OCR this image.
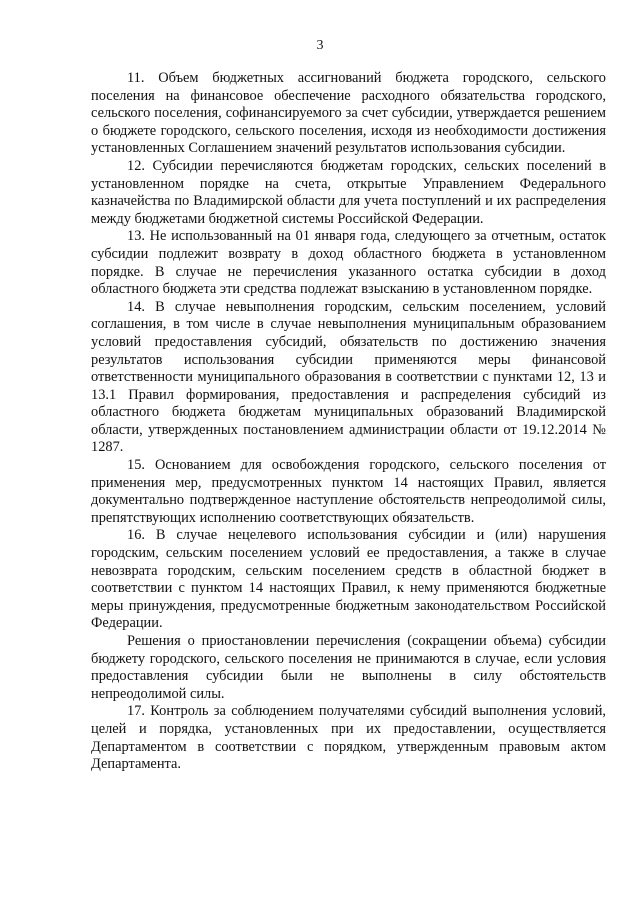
3

11. Объем бюджетных ассигнований бюджета городского, сельского поселения на финансовое обеспечение расходного обязательства городского, сельского поселения, софинансируемого за счет субсидии, утверждается решением о бюджете городского, сельского поселения, исходя из необходимости достижения установленных Соглашением значений результатов использования субсидии.

12. Субсидии перечисляются бюджетам городских, сельских поселений в установленном порядке на счета, открытые Управлением Федерального казначейства по Владимирской области для учета поступлений и их распределения между бюджетами бюджетной системы Российской Федерации.

13. Не использованный на 01 января года, следующего за отчетным, остаток субсидии подлежит возврату в доход областного бюджета в установленном порядке. В случае не перечисления указанного остатка субсидии в доход областного бюджета эти средства подлежат взысканию в установленном порядке.

14. В случае невыполнения городским, сельским поселением, условий соглашения, в том числе в случае невыполнения муниципальным образованием условий предоставления субсидий, обязательств по достижению значения результатов использования субсидии применяются меры финансовой ответственности муниципального образования в соответствии с пунктами 12, 13 и 13.1 Правил формирования, предоставления и распределения субсидий из областного бюджета бюджетам муниципальных образований Владимирской области, утвержденных постановлением администрации области от 19.12.2014 № 1287.

15. Основанием для освобождения городского, сельского поселения от применения мер, предусмотренных пунктом 14 настоящих Правил, является документально подтвержденное наступление обстоятельств непреодолимой силы, препятствующих исполнению соответствующих обязательств.

16. В случае нецелевого использования субсидии и (или) нарушения городским, сельским поселением условий ее предоставления, а также в случае невозврата городским, сельским поселением средств в областной бюджет в соответствии с пунктом 14 настоящих Правил, к нему применяются бюджетные меры принуждения, предусмотренные бюджетным законодательством Российской Федерации.

Решения о приостановлении перечисления (сокращении объема) субсидии бюджету городского, сельского поселения не принимаются в случае, если условия предоставления субсидии были не выполнены в силу обстоятельств непреодолимой силы.

17. Контроль за соблюдением получателями субсидий выполнения условий, целей и порядка, установленных при их предоставлении, осуществляется Департаментом в соответствии с порядком, утвержденным правовым актом Департамента.
